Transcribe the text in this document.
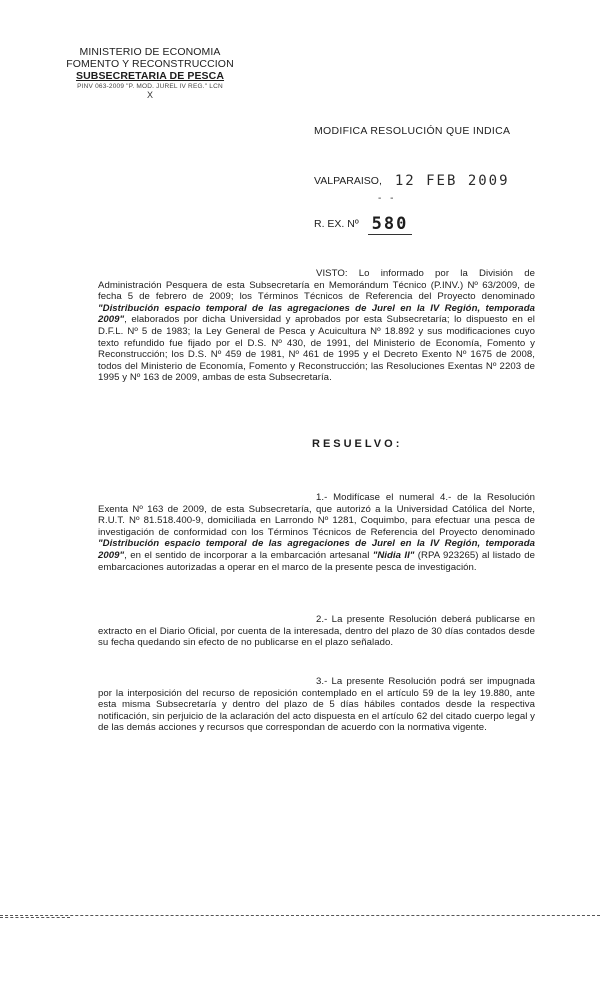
MINISTERIO DE ECONOMIA
FOMENTO Y RECONSTRUCCION
SUBSECRETARIA DE PESCA
PINV 063-2009 "P. MOD. JUREL IV REG." LCN
X
MODIFICA RESOLUCIÓN QUE INDICA
VALPARAISO, 12 FEB 2009
- -
R. EX. Nº 580
VISTO: Lo informado por la División de Administración Pesquera de esta Subsecretaría en Memorándum Técnico (P.INV.) Nº 63/2009, de fecha 5 de febrero de 2009; los Términos Técnicos de Referencia del Proyecto denominado "Distribución espacio temporal de las agregaciones de Jurel en la IV Región, temporada 2009", elaborados por dicha Universidad y aprobados por esta Subsecretaría; lo dispuesto en el D.F.L. Nº 5 de 1983; la Ley General de Pesca y Acuicultura Nº 18.892 y sus modificaciones cuyo texto refundido fue fijado por el D.S. Nº 430, de 1991, del Ministerio de Economía, Fomento y Reconstrucción; los D.S. Nº 459 de 1981, Nº 461 de 1995 y el Decreto Exento Nº 1675 de 2008, todos del Ministerio de Economía, Fomento y Reconstrucción; las Resoluciones Exentas Nº 2203 de 1995 y Nº 163 de 2009, ambas de esta Subsecretaría.
RESUELVO:
1.- Modifícase el numeral 4.- de la Resolución Exenta Nº 163 de 2009, de esta Subsecretaría, que autorizó a la Universidad Católica del Norte, R.U.T. Nº 81.518.400-9, domiciliada en Larrondo Nº 1281, Coquimbo, para efectuar una pesca de investigación de conformidad con los Términos Técnicos de Referencia del Proyecto denominado "Distribución espacio temporal de las agregaciones de Jurel en la IV Región, temporada 2009", en el sentido de incorporar a la embarcación artesanal "Nidia II" (RPA 923265) al listado de embarcaciones autorizadas a operar en el marco de la presente pesca de investigación.
2.- La presente Resolución deberá publicarse en extracto en el Diario Oficial, por cuenta de la interesada, dentro del plazo de 30 días contados desde su fecha quedando sin efecto de no publicarse en el plazo señalado.
3.- La presente Resolución podrá ser impugnada por la interposición del recurso de reposición contemplado en el artículo 59 de la ley 19.880, ante esta misma Subsecretaría y dentro del plazo de 5 días hábiles contados desde la respectiva notificación, sin perjuicio de la aclaración del acto dispuesta en el artículo 62 del citado cuerpo legal y de las demás acciones y recursos que correspondan de acuerdo con la normativa vigente.
